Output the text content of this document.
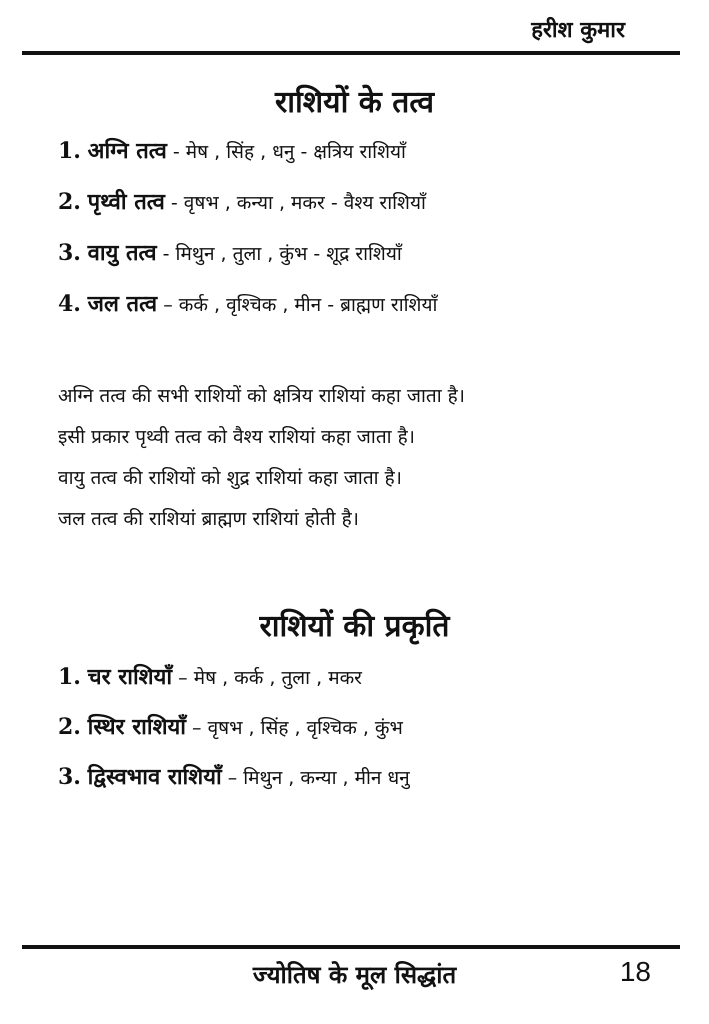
हरीश कुमार
राशियों के तत्व
1. अग्नि तत्व - मेष , सिंह , धनु - क्षत्रिय राशियाँ
2. पृथ्वी तत्व - वृषभ , कन्या , मकर - वैश्य राशियाँ
3. वायु तत्व - मिथुन , तुला , कुंभ - शूद्र राशियाँ
4. जल तत्व – कर्क , वृश्चिक , मीन - ब्राह्मण राशियाँ

अग्नि तत्व की सभी राशियों को क्षत्रिय राशियां कहा जाता है।

इसी प्रकार पृथ्वी तत्व को वैश्य राशियां कहा जाता है।

वायु तत्व की राशियों को शुद्र राशियां कहा जाता है।

जल तत्व की राशियां ब्राह्मण राशियां होती है।

राशियों की प्रकृति
1. चर राशियाँ – मेष , कर्क , तुला , मकर
2. स्थिर राशियाँ – वृषभ , सिंह , वृश्चिक , कुंभ
3. द्विस्वभाव राशियाँ – मिथुन , कन्या , मीन धनु
ज्योतिष के मूल सिद्धांत	18
